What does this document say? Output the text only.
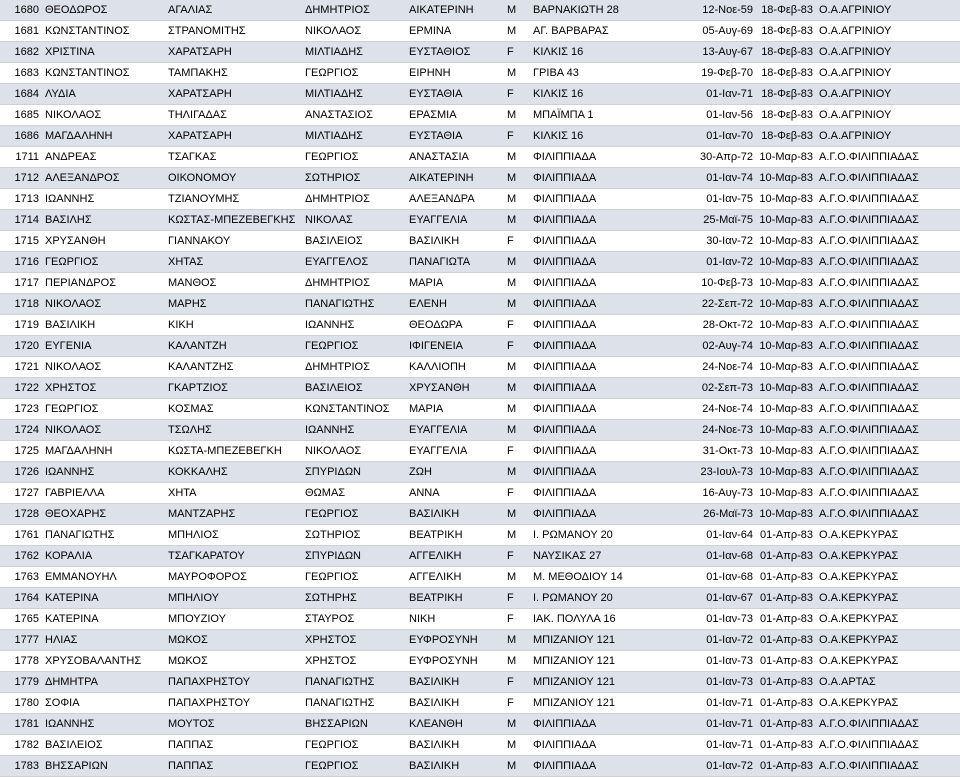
1680	ΘΕΟΔΩΡΟΣ	ΑΓΑΛΙΑΣ	ΔΗΜΗΤΡΙΟΣ	ΑΙΚΑΤΕΡΙΝΗ	M	ΒΑΡΝΑΚΙΩΤΗ 28	12-Νοε-59	18-Φεβ-83	Ο.Α.ΑΓΡΙΝΙΟΥ
1681	ΚΩΝΣΤΑΝΤΙΝΟΣ	ΣΤΡΑΝΟΜΙΤΗΣ	ΝΙΚΟΛΑΟΣ	ΕΡΜΙΝΑ	M	ΑΓ. ΒΑΡΒΑΡΑΣ	05-Αυγ-69	18-Φεβ-83	Ο.Α.ΑΓΡΙΝΙΟΥ
1682	ΧΡΙΣΤΙΝΑ	ΧΑΡΑΤΣΑΡΗ	ΜΙΛΤΙΑΔΗΣ	ΕΥΣΤΑΘΙΟΣ	F	ΚΙΛΚΙΣ 16	13-Αυγ-67	18-Φεβ-83	Ο.Α.ΑΓΡΙΝΙΟΥ
1683	ΚΩΝΣΤΑΝΤΙΝΟΣ	ΤΑΜΠΑΚΗΣ	ΓΕΩΡΓΙΟΣ	ΕΙΡΗΝΗ	M	ΓΡΙΒΑ 43	19-Φεβ-70	18-Φεβ-83	Ο.Α.ΑΓΡΙΝΙΟΥ
1684	ΛΥΔΙΑ	ΧΑΡΑΤΣΑΡΗ	ΜΙΛΤΙΑΔΗΣ	ΕΥΣΤΑΘΙΑ	F	ΚΙΛΚΙΣ 16	01-Ιαν-71	18-Φεβ-83	Ο.Α.ΑΓΡΙΝΙΟΥ
1685	ΝΙΚΟΛΑΟΣ	ΤΗΛΙΓΑΔΑΣ	ΑΝΑΣΤΑΣΙΟΣ	ΕΡΑΣΜΙΑ	M	ΜΠΑΪΜΠΑ 1	01-Ιαν-56	18-Φεβ-83	Ο.Α.ΑΓΡΙΝΙΟΥ
1686	ΜΑΓΔΑΛΗΝΗ	ΧΑΡΑΤΣΑΡΗ	ΜΙΛΤΙΑΔΗΣ	ΕΥΣΤΑΘΙΑ	F	ΚΙΛΚΙΣ 16	01-Ιαν-70	18-Φεβ-83	Ο.Α.ΑΓΡΙΝΙΟΥ
1711	ΑΝΔΡΕΑΣ	ΤΣΑΓΚΑΣ	ΓΕΩΡΓΙΟΣ	ΑΝΑΣΤΑΣΙΑ	M	ΦΙΛΙΠΠΙΑΔΑ	30-Απρ-72	10-Μαρ-83	Α.Γ.Ο.ΦΙΛΙΠΠΙΑΔΑΣ
1712	ΑΛΕΞΑΝΔΡΟΣ	ΟΙΚΟΝΟΜΟΥ	ΣΩΤΗΡΙΟΣ	ΑΙΚΑΤΕΡΙΝΗ	M	ΦΙΛΙΠΠΙΑΔΑ	01-Ιαν-74	10-Μαρ-83	Α.Γ.Ο.ΦΙΛΙΠΠΙΑΔΑΣ
1713	ΙΩΑΝΝΗΣ	ΤΖΙΑΝΟΥΜΗΣ	ΔΗΜΗΤΡΙΟΣ	ΑΛΕΞΑΝΔΡΑ	M	ΦΙΛΙΠΠΙΑΔΑ	01-Ιαν-75	10-Μαρ-83	Α.Γ.Ο.ΦΙΛΙΠΠΙΑΔΑΣ
1714	ΒΑΣΙΛΗΣ	ΚΩΣΤΑΣ-ΜΠΕΖΕΒΕΓΚΗΣ	ΝΙΚΟΛΑΣ	ΕΥΑΓΓΕΛΙΑ	M	ΦΙΛΙΠΠΙΑΔΑ	25-Μαϊ-75	10-Μαρ-83	Α.Γ.Ο.ΦΙΛΙΠΠΙΑΔΑΣ
1715	ΧΡΥΣΑΝΘΗ	ΓΙΑΝΝΑΚΟΥ	ΒΑΣΙΛΕΙΟΣ	ΒΑΣΙΛΙΚΗ	F	ΦΙΛΙΠΠΙΑΔΑ	30-Ιαν-72	10-Μαρ-83	Α.Γ.Ο.ΦΙΛΙΠΠΙΑΔΑΣ
1716	ΓΕΩΡΓΙΟΣ	ΧΗΤΑΣ	ΕΥΑΓΓΕΛΟΣ	ΠΑΝΑΓΙΩΤΑ	M	ΦΙΛΙΠΠΙΑΔΑ	01-Ιαν-72	10-Μαρ-83	Α.Γ.Ο.ΦΙΛΙΠΠΙΑΔΑΣ
1717	ΠΕΡΙΑΝΔΡΟΣ	ΜΑΝΘΟΣ	ΔΗΜΗΤΡΙΟΣ	ΜΑΡΙΑ	M	ΦΙΛΙΠΠΙΑΔΑ	10-Φεβ-73	10-Μαρ-83	Α.Γ.Ο.ΦΙΛΙΠΠΙΑΔΑΣ
1718	ΝΙΚΟΛΑΟΣ	ΜΑΡΗΣ	ΠΑΝΑΓΙΩΤΗΣ	ΕΛΕΝΗ	M	ΦΙΛΙΠΠΙΑΔΑ	22-Σεπ-72	10-Μαρ-83	Α.Γ.Ο.ΦΙΛΙΠΠΙΑΔΑΣ
1719	ΒΑΣΙΛΙΚΗ	ΚΙΚΗ	ΙΩΑΝΝΗΣ	ΘΕΟΔΩΡΑ	F	ΦΙΛΙΠΠΙΑΔΑ	28-Οκτ-72	10-Μαρ-83	Α.Γ.Ο.ΦΙΛΙΠΠΙΑΔΑΣ
1720	ΕΥΓΕΝΙΑ	ΚΑΛΑΝΤΖΗ	ΓΕΩΡΓΙΟΣ	ΙΦΙΓΕΝΕΙΑ	F	ΦΙΛΙΠΠΙΑΔΑ	02-Αυγ-74	10-Μαρ-83	Α.Γ.Ο.ΦΙΛΙΠΠΙΑΔΑΣ
1721	ΝΙΚΟΛΑΟΣ	ΚΑΛΑΝΤΖΗΣ	ΔΗΜΗΤΡΙΟΣ	ΚΑΛΛΙΟΠΗ	M	ΦΙΛΙΠΠΙΑΔΑ	24-Νοε-74	10-Μαρ-83	Α.Γ.Ο.ΦΙΛΙΠΠΙΑΔΑΣ
1722	ΧΡΗΣΤΟΣ	ΓΚΑΡΤΖΙΟΣ	ΒΑΣΙΛΕΙΟΣ	ΧΡΥΣΑΝΘΗ	M	ΦΙΛΙΠΠΙΑΔΑ	02-Σεπ-73	10-Μαρ-83	Α.Γ.Ο.ΦΙΛΙΠΠΙΑΔΑΣ
1723	ΓΕΩΡΓΙΟΣ	ΚΟΣΜΑΣ	ΚΩΝΣΤΑΝΤΙΝΟΣ	ΜΑΡΙΑ	M	ΦΙΛΙΠΠΙΑΔΑ	24-Νοε-74	10-Μαρ-83	Α.Γ.Ο.ΦΙΛΙΠΠΙΑΔΑΣ
1724	ΝΙΚΟΛΑΟΣ	ΤΣΩΛΗΣ	ΙΩΑΝΝΗΣ	ΕΥΑΓΓΕΛΙΑ	M	ΦΙΛΙΠΠΙΑΔΑ	24-Νοε-73	10-Μαρ-83	Α.Γ.Ο.ΦΙΛΙΠΠΙΑΔΑΣ
1725	ΜΑΓΔΑΛΗΝΗ	ΚΩΣΤΑ-ΜΠΕΖΕΒΕΓΚΗ	ΝΙΚΟΛΑΟΣ	ΕΥΑΓΓΕΛΙΑ	F	ΦΙΛΙΠΠΙΑΔΑ	31-Οκτ-73	10-Μαρ-83	Α.Γ.Ο.ΦΙΛΙΠΠΙΑΔΑΣ
1726	ΙΩΑΝΝΗΣ	ΚΟΚΚΑΛΗΣ	ΣΠΥΡΙΔΩΝ	ΖΩΗ	M	ΦΙΛΙΠΠΙΑΔΑ	23-Ιουλ-73	10-Μαρ-83	Α.Γ.Ο.ΦΙΛΙΠΠΙΑΔΑΣ
1727	ΓΑΒΡΙΕΛΛΑ	ΧΗΤΑ	ΘΩΜΑΣ	ΑΝΝΑ	F	ΦΙΛΙΠΠΙΑΔΑ	16-Αυγ-73	10-Μαρ-83	Α.Γ.Ο.ΦΙΛΙΠΠΙΑΔΑΣ
1728	ΘΕΟΧΑΡΗΣ	ΜΑΝΤΖΑΡΗΣ	ΓΕΩΡΓΙΟΣ	ΒΑΣΙΛΙΚΗ	M	ΦΙΛΙΠΠΙΑΔΑ	26-Μαϊ-73	10-Μαρ-83	Α.Γ.Ο.ΦΙΛΙΠΠΙΑΔΑΣ
1761	ΠΑΝΑΓΙΩΤΗΣ	ΜΠΗΛΙΟΣ	ΣΩΤΗΡΙΟΣ	ΒΕΑΤΡΙΚΗ	M	Ι. ΡΩΜΑΝΟΥ 20	01-Ιαν-64	01-Απρ-83	Ο.Α.ΚΕΡΚΥΡΑΣ
1762	ΚΟΡΑΛΙΑ	ΤΣΑΓΚΑΡΑΤΟΥ	ΣΠΥΡΙΔΩΝ	ΑΓΓΕΛΙΚΗ	F	ΝΑΥΣΙΚΑΣ 27	01-Ιαν-68	01-Απρ-83	Ο.Α.ΚΕΡΚΥΡΑΣ
1763	ΕΜΜΑΝΟΥΗΛ	ΜΑΥΡΟΦΟΡΟΣ	ΓΕΩΡΓΙΟΣ	ΑΓΓΕΛΙΚΗ	M	Μ. ΜΕΘΟΔΙΟΥ 14	01-Ιαν-68	01-Απρ-83	Ο.Α.ΚΕΡΚΥΡΑΣ
1764	ΚΑΤΕΡΙΝΑ	ΜΠΗΛΙΟΥ	ΣΩΤΗΡΗΣ	ΒΕΑΤΡΙΚΗ	F	Ι. ΡΩΜΑΝΟΥ 20	01-Ιαν-67	01-Απρ-83	Ο.Α.ΚΕΡΚΥΡΑΣ
1765	ΚΑΤΕΡΙΝΑ	ΜΠΟΥΖΙΟΥ	ΣΤΑΥΡΟΣ	ΝΙΚΗ	F	ΙΑΚ. ΠΟΛΥΛΑ 16	01-Ιαν-73	01-Απρ-83	Ο.Α.ΚΕΡΚΥΡΑΣ
1777	ΗΛΙΑΣ	ΜΩΚΟΣ	ΧΡΗΣΤΟΣ	ΕΥΦΡΟΣΥΝΗ	M	ΜΠΙΖΑΝΙΟΥ 121	01-Ιαν-72	01-Απρ-83	Ο.Α.ΚΕΡΚΥΡΑΣ
1778	ΧΡΥΣΟΒΑΛΑΝΤΗΣ	ΜΩΚΟΣ	ΧΡΗΣΤΟΣ	ΕΥΦΡΟΣΥΝΗ	M	ΜΠΙΖΑΝΙΟΥ 121	01-Ιαν-73	01-Απρ-83	Ο.Α.ΚΕΡΚΥΡΑΣ
1779	ΔΗΜΗΤΡΑ	ΠΑΠΑΧΡΗΣΤΟΥ	ΠΑΝΑΓΙΩΤΗΣ	ΒΑΣΙΛΙΚΗ	F	ΜΠΙΖΑΝΙΟΥ 121	01-Ιαν-73	01-Απρ-83	Ο.Α.ΑΡΤΑΣ
1780	ΣΟΦΙΑ	ΠΑΠΑΧΡΗΣΤΟΥ	ΠΑΝΑΓΙΩΤΗΣ	ΒΑΣΙΛΙΚΗ	F	ΜΠΙΖΑΝΙΟΥ 121	01-Ιαν-71	01-Απρ-83	Ο.Α.ΚΕΡΚΥΡΑΣ
1781	ΙΩΑΝΝΗΣ	ΜΟΥΤΟΣ	ΒΗΣΣΑΡΙΩΝ	ΚΛΕΑΝΘΗ	M	ΦΙΛΙΠΠΙΑΔΑ	01-Ιαν-71	01-Απρ-83	Α.Γ.Ο.ΦΙΛΙΠΠΙΑΔΑΣ
1782	ΒΑΣΙΛΕΙΟΣ	ΠΑΠΠΑΣ	ΓΕΩΡΓΙΟΣ	ΒΑΣΙΛΙΚΗ	M	ΦΙΛΙΠΠΙΑΔΑ	01-Ιαν-71	01-Απρ-83	Α.Γ.Ο.ΦΙΛΙΠΠΙΑΔΑΣ
1783	ΒΗΣΣΑΡΙΩΝ	ΠΑΠΠΑΣ	ΓΕΩΡΓΙΟΣ	ΒΑΣΙΛΙΚΗ	M	ΦΙΛΙΠΠΙΑΔΑ	01-Ιαν-72	01-Απρ-83	Α.Γ.Ο.ΦΙΛΙΠΠΙΑΔΑΣ
